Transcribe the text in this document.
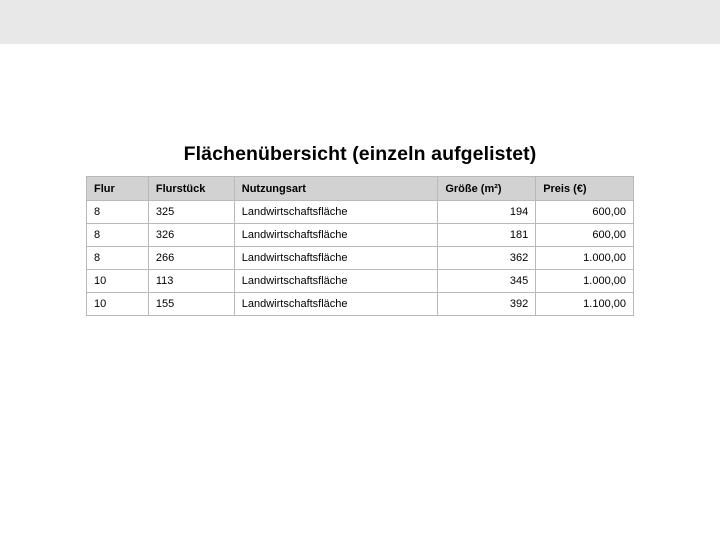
Flächenübersicht (einzeln aufgelistet)
Flur	Flurstück	Nutzungsart	Größe (m²)	Preis (€)
8	325	Landwirtschaftsfläche	194	600,00
8	326	Landwirtschaftsfläche	181	600,00
8	266	Landwirtschaftsfläche	362	1.000,00
10	113	Landwirtschaftsfläche	345	1.000,00
10	155	Landwirtschaftsfläche	392	1.100,00
